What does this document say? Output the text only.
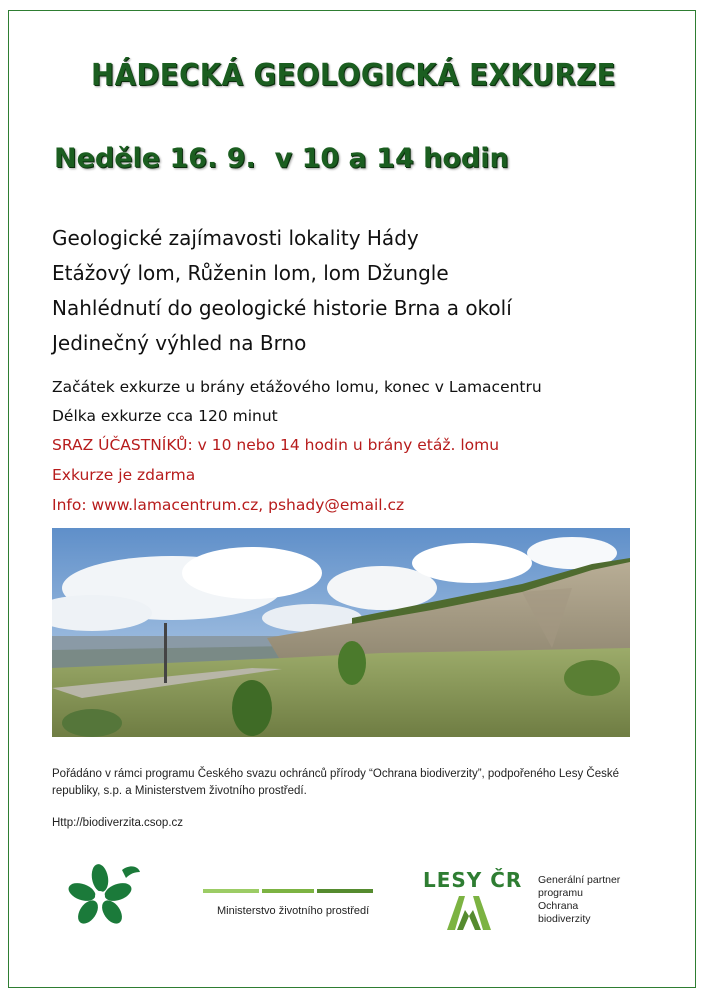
HÁDECKÁ GEOLOGICKÁ EXKURZE
Neděle 16. 9.  v 10 a 14 hodin
Geologické zajímavosti lokality Hády
Etážový lom, Růženin lom, lom Džungle
Nahlédnutí do geologické historie Brna a okolí
Jedinečný výhled na Brno
Začátek exkurze u brány etážového lomu, konec v Lamacentru
Délka exkurze cca 120 minut
SRAZ ÚČASTNÍKŮ: v 10 nebo 14 hodin u brány etáž. lomu
Exkurze je zdarma
Info: www.lamacentrum.cz, pshady@email.cz
Pořádáno v rámci programu Českého svazu ochránců přírody “Ochrana biodiverzity”, podpořeného Lesy České republiky, s.p. a Ministerstvem životního prostředí.
Http://biodiverzita.csop.cz
Ministerstvo životního prostředí
LESY ČR Generální partner
programu
Ochrana
biodiverzity
